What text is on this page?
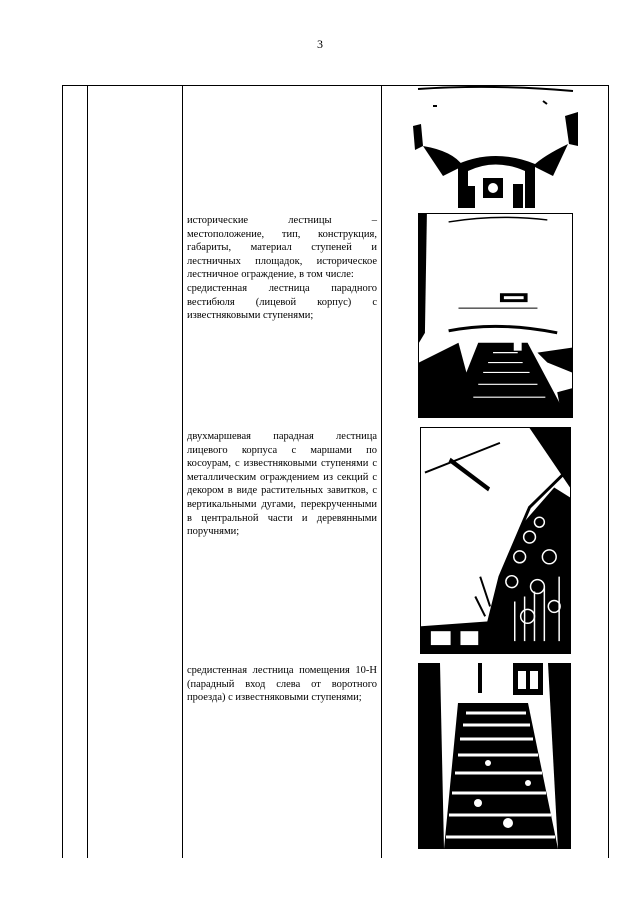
3

исторические лестницы – местоположение, тип, конструкция, габариты, материал ступеней и лестничных площадок, историческое лестничное ограждение, в том числе:

средистенная лестница парадного вестибюля (лицевой корпус) с известняковыми ступенями;

двухмаршевая парадная лестница лицевого корпуса с маршами по косоурам, с известняковыми ступенями с металлическим ограждением из секций с декором в виде растительных завитков, с вертикальными дугами, перекрученными в центральной части и деревянными поручнями;

средистенная лестница помещения 10-Н (парадный вход слева от воротного проезда) с известняковыми ступенями;
